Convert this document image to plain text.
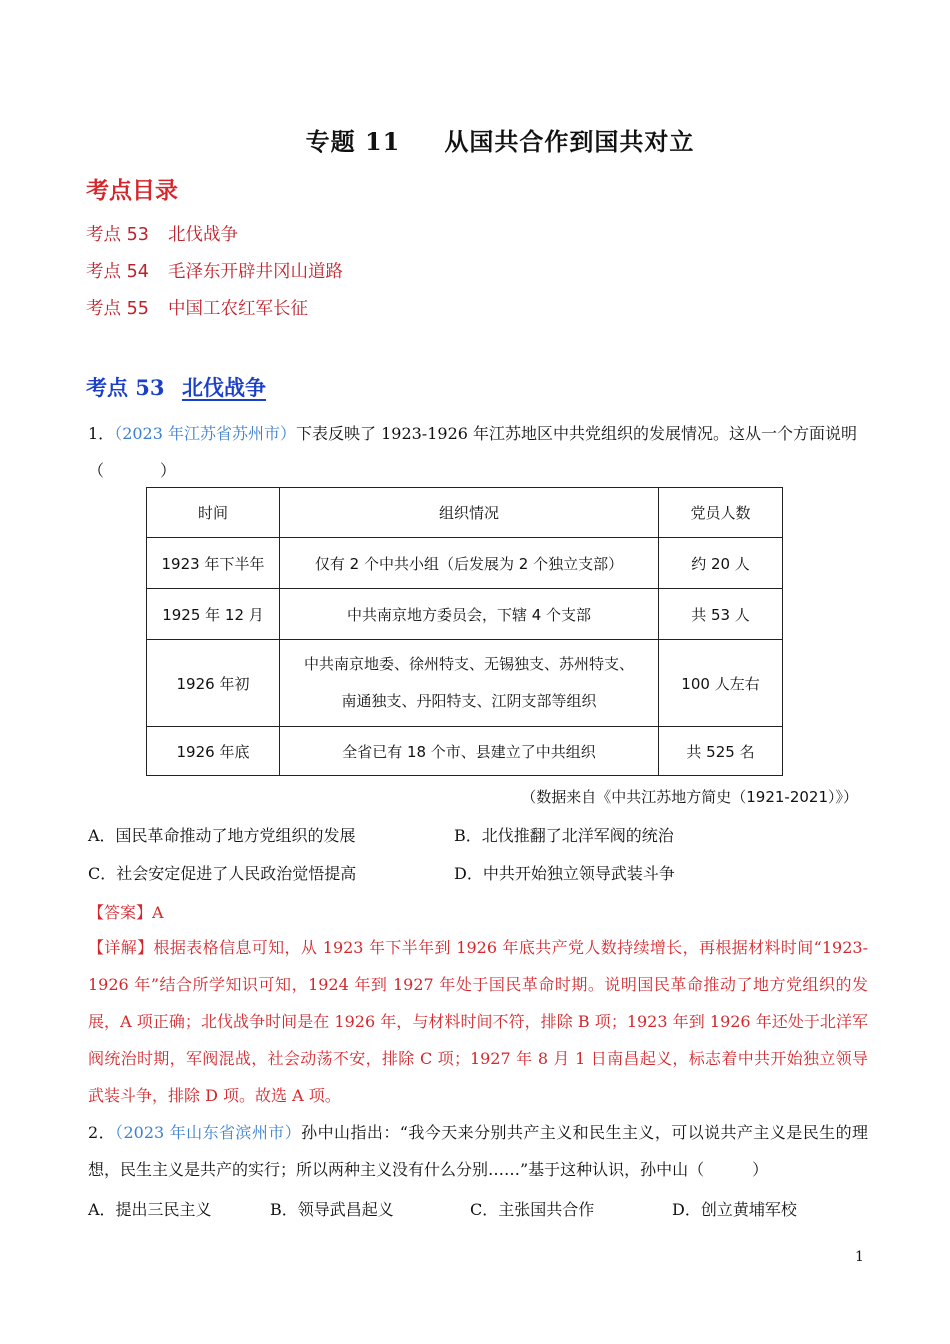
专题 11 从国共合作到国共对立
考点目录
考点 53 北伐战争
考点 54 毛泽东开辟井冈山道路
考点 55 中国工农红军长征
考点 53 北伐战争
1．（2023 年江苏省苏州市）下表反映了 1923-1926 年江苏地区中共党组织的发展情况。这从一个方面说明
（	）
时间	组织情况	党员人数
1923 年下半年	仅有 2 个中共小组（后发展为 2 个独立支部）	约 20 人
1925 年 12 月	中共南京地方委员会，下辖 4 个支部	共 53 人
1926 年初	中共南京地委、徐州特支、无锡独支、苏州特支、
南通独支、丹阳特支、江阴支部等组织	100 人左右
1926 年底	全省已有 18 个市、县建立了中共组织	共 525 名
（数据来自《中共江苏地方简史（1921-2021）》）
A．国民革命推动了地方党组织的发展	B．北伐推翻了北洋军阀的统治
C．社会安定促进了人民政治觉悟提高	D．中共开始独立领导武装斗争
【答案】A
【详解】根据表格信息可知，从 1923 年下半年到 1926 年底共产党人数持续增长，再根据材料时间“1923-1926 年”结合所学知识可知，1924 年到 1927 年处于国民革命时期。说明国民革命推动了地方党组织的发展，A 项正确；北伐战争时间是在 1926 年，与材料时间不符，排除 B 项；1923 年到 1926 年还处于北洋军阀统治时期，军阀混战，社会动荡不安，排除 C 项；1927 年 8 月 1 日南昌起义，标志着中共开始独立领导武装斗争，排除 D 项。故选 A 项。
2．（2023 年山东省滨州市）孙中山指出：“我今天来分别共产主义和民生主义，可以说共产主义是民生的理想，民生主义是共产的实行；所以两种主义没有什么分别……”基于这种认识，孙中山（　　　）
A．提出三民主义	B．领导武昌起义	C．主张国共合作	D．创立黄埔军校
1
